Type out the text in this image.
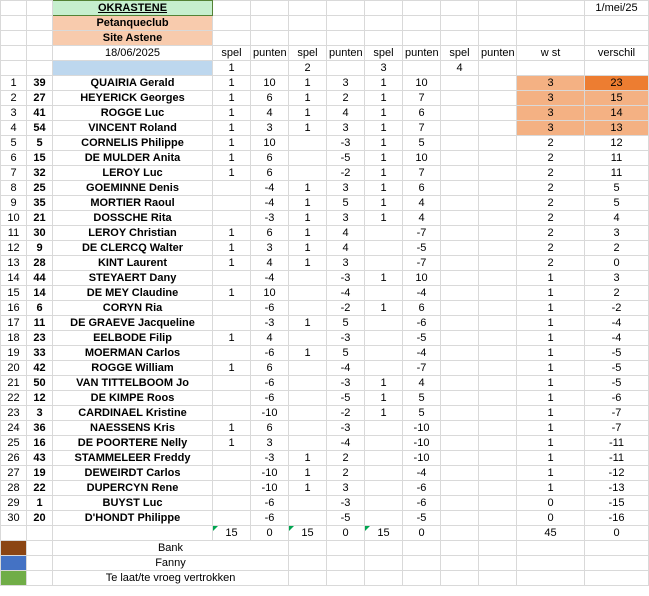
		OKRASTENE										1/mei/25
		Petanqueclub										
		Site Astene										
		18/06/2025	spel	punten	spel	punten	spel	punten	spel	punten	w st	verschil
			1		2		3		4			
1	39	QUAIRIA Gerald	1	10	1	3	1	10			3	23
2	27	HEYERICK Georges	1	6	1	2	1	7			3	15
3	41	ROGGE Luc	1	4	1	4	1	6			3	14
4	54	VINCENT Roland	1	3	1	3	1	7			3	13
5	5	CORNELIS Philippe	1	10		-3	1	5			2	12
6	15	DE MULDER Anita	1	6		-5	1	10			2	11
7	32	LEROY Luc	1	6		-2	1	7			2	11
8	25	GOEMINNE Denis		-4	1	3	1	6			2	5
9	35	MORTIER Raoul		-4	1	5	1	4			2	5
10	21	DOSSCHE Rita		-3	1	3	1	4			2	4
11	30	LEROY Christian	1	6	1	4		-7			2	3
12	9	DE CLERCQ Walter	1	3	1	4		-5			2	2
13	28	KINT Laurent	1	4	1	3		-7			2	0
14	44	STEYAERT Dany		-4		-3	1	10			1	3
15	14	DE MEY Claudine	1	10		-4		-4			1	2
16	6	CORYN Ria		-6		-2	1	6			1	-2
17	11	DE GRAEVE Jacqueline		-3	1	5		-6			1	-4
18	23	EELBODE Filip	1	4		-3		-5			1	-4
19	33	MOERMAN Carlos		-6	1	5		-4			1	-5
20	42	ROGGE William	1	6		-4		-7			1	-5
21	50	VAN TITTELBOOM Jo		-6		-3	1	4			1	-5
22	12	DE KIMPE Roos		-6		-5	1	5			1	-6
23	3	CARDINAEL Kristine		-10		-2	1	5			1	-7
24	36	NAESSENS Kris	1	6		-3		-10			1	-7
25	16	DE POORTERE Nelly	1	3		-4		-10			1	-11
26	43	STAMMELEER Freddy		-3	1	2		-10			1	-11
27	19	DEWEIRDT Carlos		-10	1	2		-4			1	-12
28	22	DUPERCYN Rene		-10	1	3		-6			1	-13
29	1	BUYST Luc		-6		-3		-6			0	-15
30	20	D'HONDT Philippe		-6		-5		-5			0	-16
			15	0	15	0	15	0			45	0
		Bank										
		Fanny										
		Te laat/te vroeg vertrokken										
